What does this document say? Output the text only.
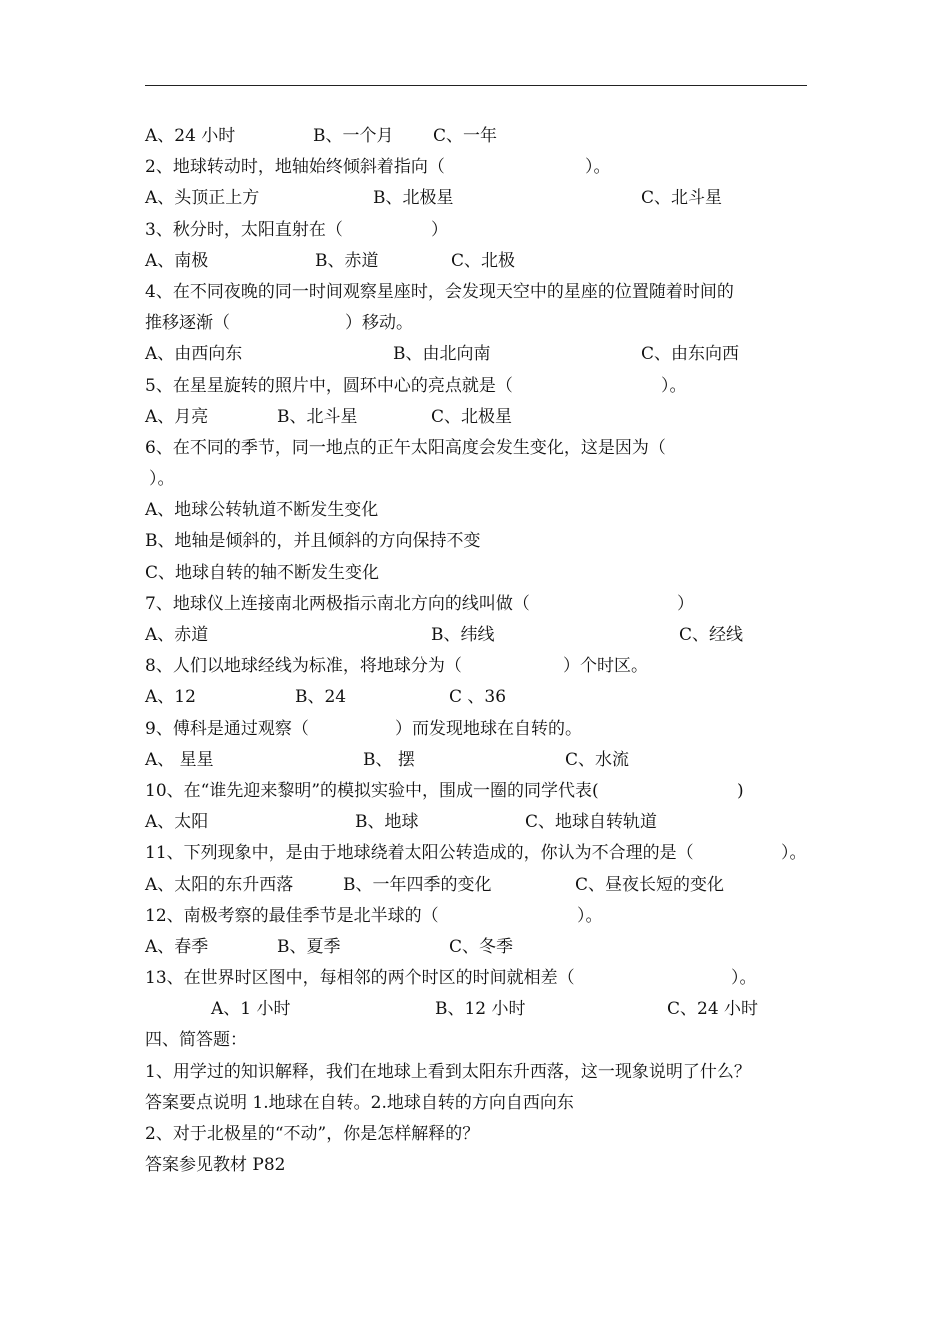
A、24 小时	B、一个月 C、一年
2、地球转动时，地轴始终倾斜着指向（	）。
A、头顶正上方	B、北极星	C、北斗星
3、秋分时，太阳直射在（	）
A、南极	B、赤道	C、北极
4、在不同夜晚的同一时间观察星座时，会发现天空中的星座的位置随着时间的
推移逐渐（	）移动。
A、由西向东	B、由北向南	C、由东向西
5、在星星旋转的照片中，圆环中心的亮点就是（	）。
A、月亮	B、北斗星	C、北极星
6、在不同的季节，同一地点的正午太阳高度会发生变化，这是因为（
）。
A、地球公转轨道不断发生变化
B、地轴是倾斜的，并且倾斜的方向保持不变
C、地球自转的轴不断发生变化
7、地球仪上连接南北两极指示南北方向的线叫做（	）
A、赤道	B、纬线	C、经线
8、人们以地球经线为标准，将地球分为（	）个时区。
A、12	B、24	C 、36
9、傅科是通过观察（	）而发现地球在自转的。
A、 星星	B、 摆	C、水流
10、在“谁先迎来黎明”的模拟实验中，围成一圈的同学代表(	)
A、太阳	B、地球	C、地球自转轨道
11、下列现象中，是由于地球绕着太阳公转造成的，你认为不合理的是（	）。
A、太阳的东升西落	B、一年四季的变化	C、昼夜长短的变化
12、南极考察的最佳季节是北半球的（	）。
A、春季	B、夏季	C、冬季
13、在世界时区图中，每相邻的两个时区的时间就相差（	）。
A、1 小时	B、12 小时	C、24 小时
四、简答题：
1、用学过的知识解释，我们在地球上看到太阳东升西落，这一现象说明了什么？
答案要点说明 1.地球在自转。2.地球自转的方向自西向东
2、对于北极星的“不动”，你是怎样解释的？
答案参见教材 P82
